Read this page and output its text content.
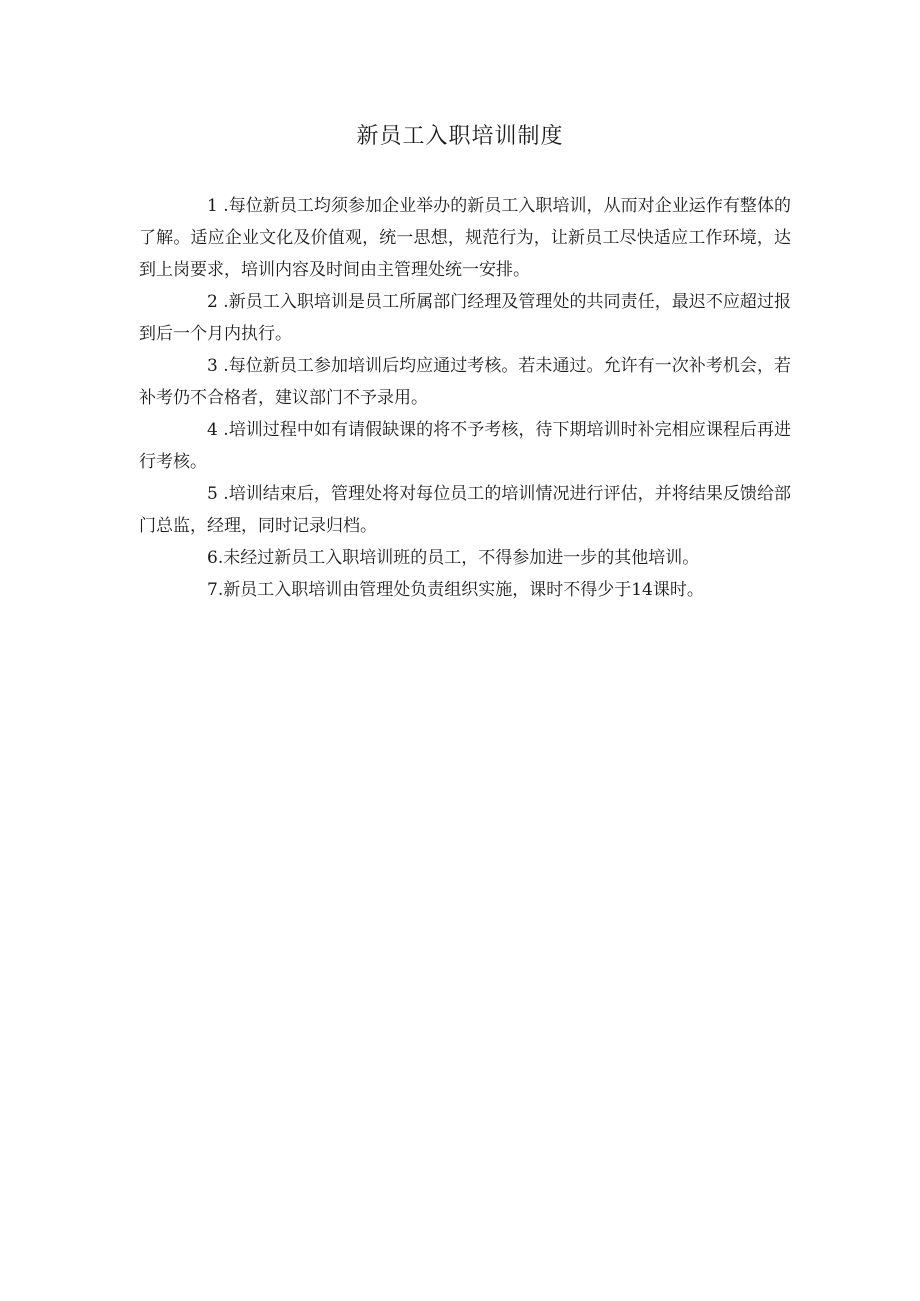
新员工入职培训制度

1 .每位新员工均须参加企业举办的新员工入职培训，从而对企业运作有整体的了解。适应企业文化及价值观，统一思想，规范行为，让新员工尽快适应工作环境，达到上岗要求，培训内容及时间由主管理处统一安排。

2 .新员工入职培训是员工所属部门经理及管理处的共同责任，最迟不应超过报到后一个月内执行。

3 .每位新员工参加培训后均应通过考核。若未通过。允许有一次补考机会，若补考仍不合格者，建议部门不予录用。

4 .培训过程中如有请假缺课的将不予考核，待下期培训时补完相应课程后再进行考核。

5 .培训结束后，管理处将对每位员工的培训情况进行评估，并将结果反馈给部门总监，经理，同时记录归档。

6.未经过新员工入职培训班的员工，不得参加进一步的其他培训。

7.新员工入职培训由管理处负责组织实施，课时不得少于14课时。
